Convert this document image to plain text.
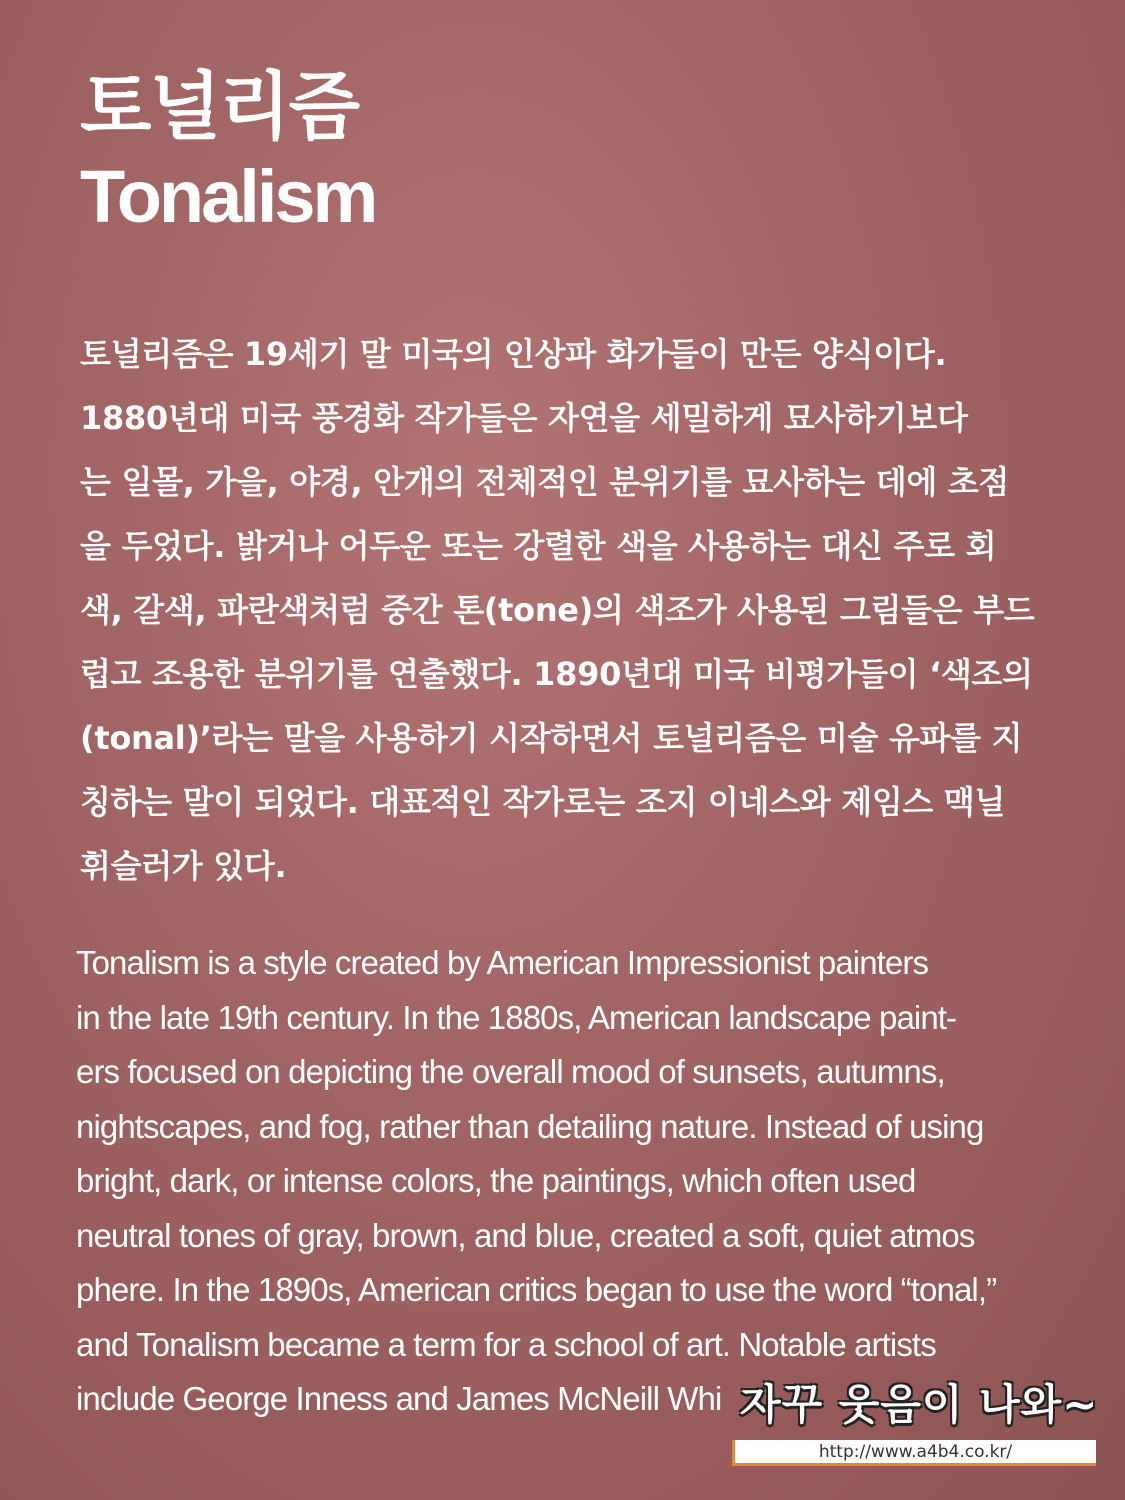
토널리즘
Tonalism
토널리즘은 19세기 말 미국의 인상파 화가들이 만든 양식이다.
1880년대 미국 풍경화 작가들은 자연을 세밀하게 묘사하기보다
는 일몰, 가을, 야경, 안개의 전체적인 분위기를 묘사하는 데에 초점
을 두었다. 밝거나 어두운 또는 강렬한 색을 사용하는 대신 주로 회
색, 갈색, 파란색처럼 중간 톤(tone)의 색조가 사용된 그림들은 부드
럽고 조용한 분위기를 연출했다. 1890년대 미국 비평가들이 ‘색조의
(tonal)’라는 말을 사용하기 시작하면서 토널리즘은 미술 유파를 지
칭하는 말이 되었다. 대표적인 작가로는 조지 이네스와 제임스 맥닐
휘슬러가 있다.
Tonalism is a style created by American Impressionist painters
in the late 19th century. In the 1880s, American landscape paint-
ers focused on depicting the overall mood of sunsets, autumns,
nightscapes, and fog, rather than detailing nature. Instead of using
bright, dark, or intense colors, the paintings, which often used
neutral tones of gray, brown, and blue, created a soft, quiet atmos
phere. In the 1890s, American critics began to use the word “tonal,”
and Tonalism became a term for a school of art. Notable artists
include George Inness and James McNeill Whi 자꾸 웃음이 나와~
http://www.a4b4.co.kr/
